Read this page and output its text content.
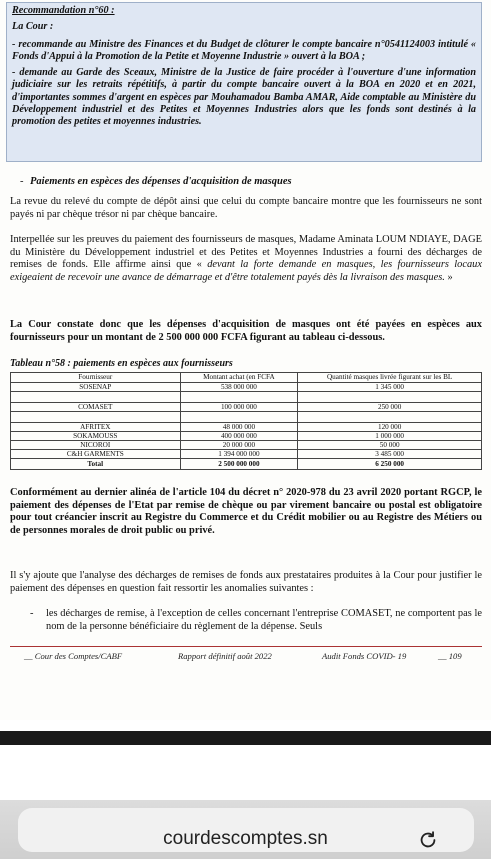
Recommandation n°60 :

La Cour :

- recommande au Ministre des Finances et du Budget de clôturer le compte bancaire n°0541124003 intitulé « Fonds d'Appui à la Promotion de la Petite et Moyenne Industrie » ouvert à la BOA ;

- demande au Garde des Sceaux, Ministre de la Justice de faire procéder à l'ouverture d'une information judiciaire sur les retraits répétitifs, à partir du compte bancaire ouvert à la BOA en 2020 et en 2021, d'importantes sommes d'argent en espèces par Mouhamadou Bamba AMAR, Aide comptable au Ministère du Développement industriel et des Petites et Moyennes Industries alors que les fonds sont destinés à la promotion des petites et moyennes industries.

- Paiements en espèces des dépenses d'acquisition de masques

La revue du relevé du compte de dépôt ainsi que celui du compte bancaire montre que les fournisseurs ne sont payés ni par chèque trésor ni par chèque bancaire.

Interpellée sur les preuves du paiement des fournisseurs de masques, Madame Aminata LOUM NDIAYE, DAGE du Ministère du Développement industriel et des Petites et Moyennes Industries a fourni des décharges de remises de fonds. Elle affirme ainsi que « devant la forte demande en masques, les fournisseurs locaux exigeaient de recevoir une avance de démarrage et d'être totalement payés dès la livraison des masques. »

La Cour constate donc que les dépenses d'acquisition de masques ont été payées en espèces aux fournisseurs pour un montant de 2 500 000 000 FCFA figurant au tableau ci-dessous.

Tableau n°58 : paiements en espèces aux fournisseurs
Fournisseur	Montant achat (en FCFA	Quantité masques livrée figurant sur les BL
SOSENAP	538 000 000	1 345 000

COMASET	100 000 000	250 000

AFRITEX	48 000 000	120 000
SOKAMOUSS	400 000 000	1 000 000
NICOROI	20 000 000	50 000
C&H GARMENTS	1 394 000 000	3 485 000
Total	2 500 000 000	6 250 000

Conformément au dernier alinéa de l'article 104 du décret n° 2020-978 du 23 avril 2020 portant RGCP, le paiement des dépenses de l'Etat par remise de chèque ou par virement bancaire ou postal est obligatoire pour tout créancier inscrit au Registre du Commerce et du Crédit mobilier ou au Registre des Métiers ou de personnes morales de droit public ou privé.

Il s'y ajoute que l'analyse des décharges de remises de fonds aux prestataires produites à la Cour pour justifier le paiement des dépenses en question fait ressortir les anomalies suivantes :

- les décharges de remise, à l'exception de celles concernant l'entreprise COMASET, ne comportent pas le nom de la personne bénéficiaire du règlement de la dépense. Seuls

__ Cour des Comptes/CABF	Rapport définitif août 2022	Audit Fonds COVID- 19	__ 109
courdescomptes.sn
